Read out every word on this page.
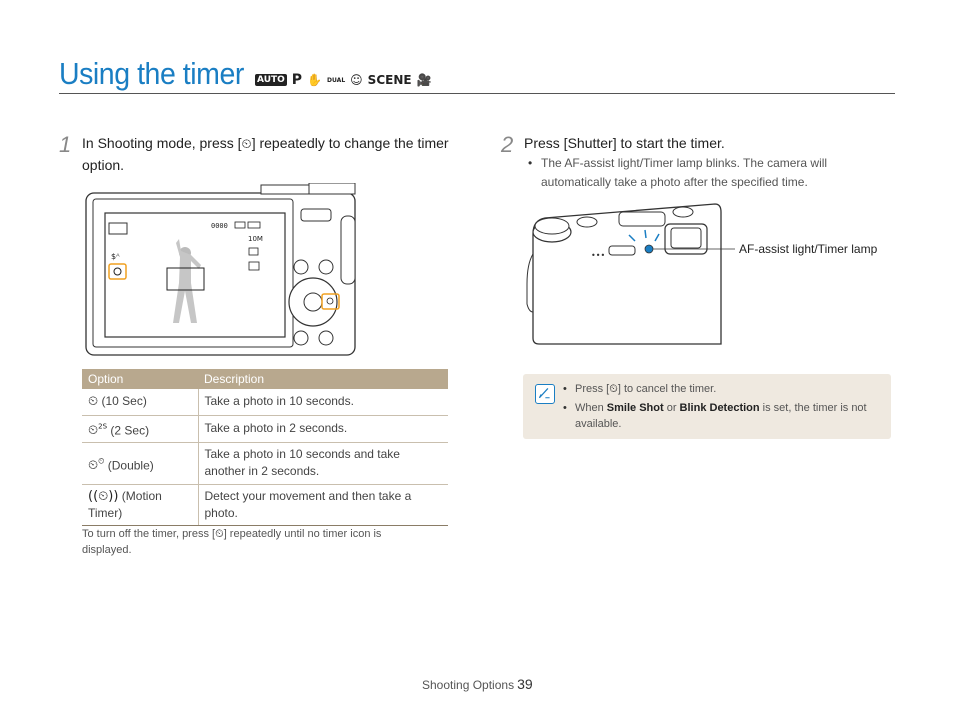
Using the timer AUTO P ✋ DUAL ☺ SCENE 🎥
1 In Shooting mode, press [⏲] repeatedly to change the timer option.
$ᴬ
0000
10M
Option	Description
⏲ (10 Sec)	Take a photo in 10 seconds.
⏲$^{2S}$ (2 Sec)	Take a photo in 2 seconds.
⏲⏲ (Double)	Take a photo in 10 seconds and take another in 2 seconds.
((⏲)) (Motion Timer)	Detect your movement and then take a photo.
To turn off the timer, press [⏲] repeatedly until no timer icon is displayed.
2 Press [Shutter] to start the timer.
• The AF-assist light/Timer lamp blinks. The camera will automatically take a photo after the specified time.
•••	AF-assist light/Timer lamp
• Press [⏲] to cancel the timer.
• When Smile Shot or Blink Detection is set, the timer is not available.
Shooting Options 39
